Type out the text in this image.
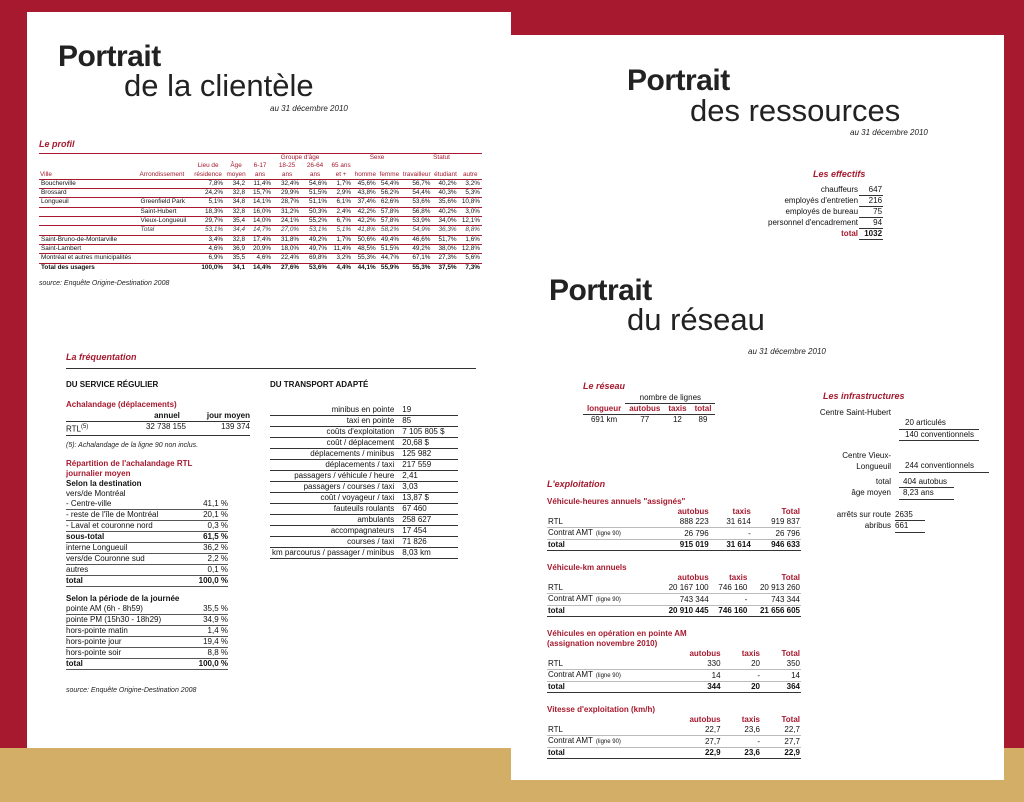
Portrait
de la clientèle
au 31 décembre 2010
Le profil
Ville	Arrondissement	Lieu de résidence	Âge moyen	Groupe d'âge				Sexe		Statut		
				6-17 ans	18-25 ans	26-64 ans	65 ans et +	homme	femme	travailleur	étudiant	autre
Boucherville		7,8%	34,2	11,4%	32,4%	54,6%	1,7%	45,6%	54,4%	56,7%	40,2%	3,2%
Brossard		24,2%	32,8	15,7%	29,9%	51,5%	2,9%	43,8%	56,2%	54,4%	40,3%	5,3%
Longueuil	Greenfield Park	5,1%	34,8	14,1%	28,7%	51,1%	6,1%	37,4%	62,6%	53,6%	35,6%	10,8%
	Saint-Hubert	18,3%	32,8	16,0%	31,2%	50,3%	2,4%	42,2%	57,8%	56,8%	40,2%	3,0%
	Vieux-Longueuil	29,7%	35,4	14,0%	24,1%	55,2%	6,7%	42,2%	57,8%	53,9%	34,0%	12,1%
	Total	53,1%	34,4	14,7%	27,0%	53,1%	5,1%	41,8%	58,2%	54,9%	36,3%	8,8%
Saint-Bruno-de-Montarville		3,4%	32,8	17,4%	31,8%	49,2%	1,7%	50,6%	49,4%	46,6%	51,7%	1,6%
Saint-Lambert		4,6%	36,9	20,9%	18,0%	49,7%	11,4%	48,5%	51,5%	49,2%	38,0%	12,8%
Montréal et autres municipalités		6,9%	35,5	4,6%	22,4%	69,8%	3,2%	55,3%	44,7%	67,1%	27,3%	5,6%
Total des usagers		100,0%	34,1	14,4%	27,6%	53,6%	4,4%	44,1%	55,9%	55,3%	37,5%	7,3%
source: Enquête Origine-Destination 2008
La fréquentation
DU SERVICE RÉGULIER
Achalandage (déplacements)
annuel	jour moyen
RTL$^{(5)}$	32 738 155	139 374
(5): Achalandage de la ligne 90 non inclus.
Répartition de l'achalandage RTL journalier moyen
Selon la destination
vers/de Montréal
- Centre-ville	41,1 %
- reste de l'île de Montréal	20,1 %
- Laval et couronne nord	0,3 %
sous-total	61,5 %
interne Longueuil	36,2 %
vers/de Couronne sud	2,2 %
autres	0,1 %
total	100,0 %
Selon la période de la journée
pointe AM (6h - 8h59)	35,5 %
pointe PM (15h30 - 18h29)	34,9 %
hors-pointe matin	1,4 %
hors-pointe jour	19,4 %
hors-pointe soir	8,8 %
total	100,0 %
source: Enquête Origine-Destination 2008
DU TRANSPORT ADAPTÉ
minibus en pointe	19
taxi en pointe	85
coûts d'exploitation	7 105 805 $
coût / déplacement	20,68 $
déplacements / minibus	125 982
déplacements / taxi	217 559
passagers / véhicule / heure	2,41
passagers / courses / taxi	3,03
coût / voyageur / taxi	13,87 $
fauteuils roulants	67 460
ambulants	258 627
accompagnateurs	17 454
courses / taxi	71 826
km parcourus / passager / minibus	8,03 km
Portrait
des ressources
au 31 décembre 2010
Les effectifs
chauffeurs	647
employés d'entretien	216
employés de bureau	75
personnel d'encadrement	94
total	1032
Portrait
du réseau
au 31 décembre 2010
Le réseau
	nombre de lignes		
longueur	autobus	taxis	total
691 km	77	12	89
L'exploitation
Véhicule-heures annuels "assignés"
	autobus	taxis	Total
RTL	888 223	31 614	919 837
Contrat AMT (ligne 90)	26 796	-	26 796
total	915 019	31 614	946 633
Véhicule-km annuels
	autobus	taxis	Total
RTL	20 167 100	746 160	20 913 260
Contrat AMT (ligne 90)	743 344	-	743 344
total	20 910 445	746 160	21 656 605
Véhicules en opération en pointe AM (assignation novembre 2010)
	autobus	taxis	Total
RTL	330	20	350
Contrat AMT (ligne 90)	14	-	14
total	344	20	364
Vitesse d'exploitation (km/h)
	autobus	taxis	Total
RTL	22,7	23,6	22,7
Contrat AMT (ligne 90)	27,7	-	27,7
total	22,9	23,6	22,9
Les infrastructures
Centre Saint-Hubert
20 articulés
140 conventionnels
Centre Vieux-Longueuil	244 conventionnels
total	404 autobus
âge moyen	8,23 ans
arrêts sur route 2635
abribus 661
